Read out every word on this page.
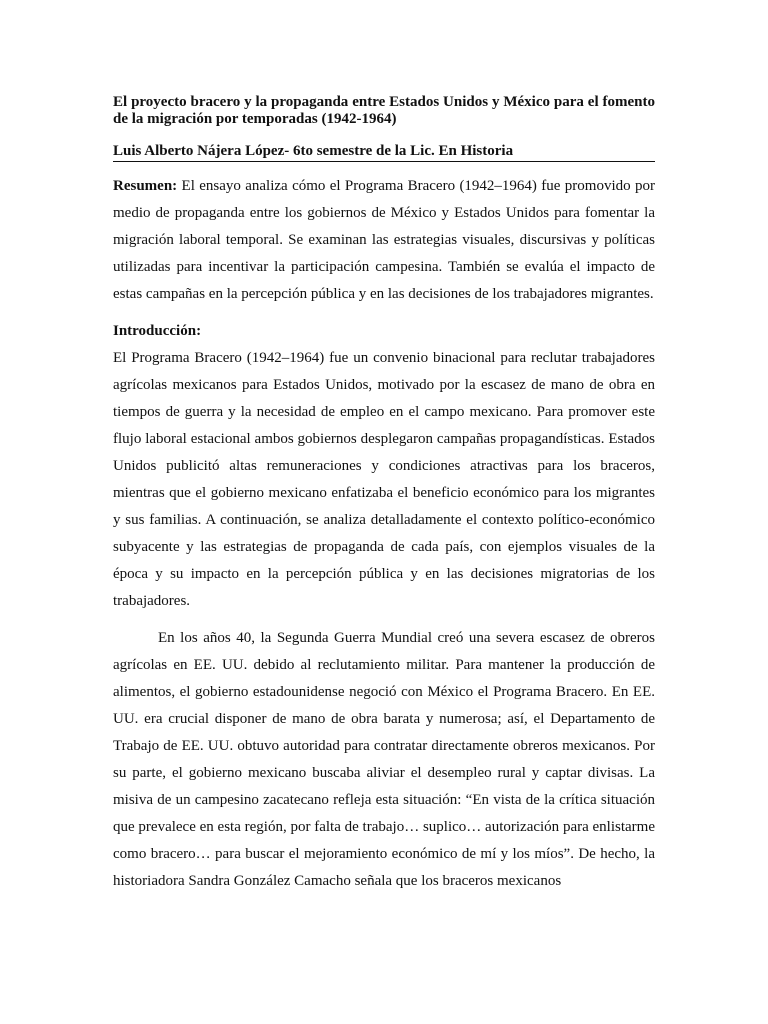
El proyecto bracero y la propaganda entre Estados Unidos y México para el fomento de la migración por temporadas (1942-1964)

Luis Alberto Nájera López- 6to semestre de la Lic. En Historia

Resumen: El ensayo analiza cómo el Programa Bracero (1942–1964) fue promovido por medio de propaganda entre los gobiernos de México y Estados Unidos para fomentar la migración laboral temporal. Se examinan las estrategias visuales, discursivas y políticas utilizadas para incentivar la participación campesina. También se evalúa el impacto de estas campañas en la percepción pública y en las decisiones de los trabajadores migrantes.

Introducción:

El Programa Bracero (1942–1964) fue un convenio binacional para reclutar trabajadores agrícolas mexicanos para Estados Unidos, motivado por la escasez de mano de obra en tiempos de guerra y la necesidad de empleo en el campo mexicano. Para promover este flujo laboral estacional ambos gobiernos desplegaron campañas propagandísticas. Estados Unidos publicitó altas remuneraciones y condiciones atractivas para los braceros, mientras que el gobierno mexicano enfatizaba el beneficio económico para los migrantes y sus familias. A continuación, se analiza detalladamente el contexto político-económico subyacente y las estrategias de propaganda de cada país, con ejemplos visuales de la época y su impacto en la percepción pública y en las decisiones migratorias de los trabajadores.

En los años 40, la Segunda Guerra Mundial creó una severa escasez de obreros agrícolas en EE. UU. debido al reclutamiento militar. Para mantener la producción de alimentos, el gobierno estadounidense negoció con México el Programa Bracero. En EE. UU. era crucial disponer de mano de obra barata y numerosa; así, el Departamento de Trabajo de EE. UU. obtuvo autoridad para contratar directamente obreros mexicanos. Por su parte, el gobierno mexicano buscaba aliviar el desempleo rural y captar divisas. La misiva de un campesino zacatecano refleja esta situación: “En vista de la crítica situación que prevalece en esta región, por falta de trabajo… suplico… autorización para enlistarme como bracero… para buscar el mejoramiento económico de mí y los míos”. De hecho, la historiadora Sandra González Camacho señala que los braceros mexicanos
